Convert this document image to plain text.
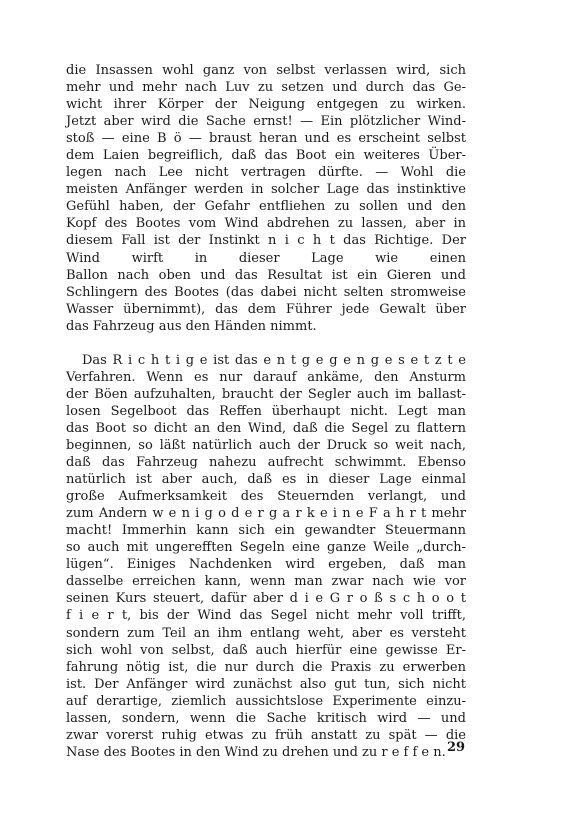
die Insassen wohl ganz von selbst verlassen wird, sich
mehr und mehr nach Luv zu setzen und durch das Ge-
wicht ihrer Körper der Neigung entgegen zu wirken.
Jetzt aber wird die Sache ernst! — Ein plötzlicher Wind-
stoß — eine B ö — braust heran und es erscheint selbst
dem Laien begreiflich, daß das Boot ein weiteres Über-
legen nach Lee nicht vertragen dürfte. — Wohl die
meisten Anfänger werden in solcher Lage das instinktive
Gefühl haben, der Gefahr entfliehen zu sollen und den
Kopf des Bootes vom Wind abdrehen zu lassen, aber in
diesem Fall ist der Instinkt n i c h t das Richtige. Der
Wind wirft in dieser Lage wie einen
Ballon nach oben und das Resultat ist ein Gieren und
Schlingern des Bootes (das dabei nicht selten stromweise
Wasser übernimmt), das dem Führer jede Gewalt über
das Fahrzeug aus den Händen nimmt.
Das R i c h t i g e ist das e n t g e g e n g e s e t z t e
Verfahren. Wenn es nur darauf ankäme, den Ansturm
der Böen aufzuhalten, braucht der Segler auch im ballast-
losen Segelboot das Reffen überhaupt nicht. Legt man
das Boot so dicht an den Wind, daß die Segel zu flattern
beginnen, so läßt natürlich auch der Druck so weit nach,
daß das Fahrzeug nahezu aufrecht schwimmt. Ebenso
natürlich ist aber auch, daß es in dieser Lage einmal
große Aufmerksamkeit des Steuernden verlangt, und
zum Andern w e n i g o d e r g a r k e i n e F a h r t mehr
macht! Immerhin kann sich ein gewandter Steuermann
so auch mit ungerefften Segeln eine ganze Weile „durch-
lügen“. Einiges Nachdenken wird ergeben, daß man
dasselbe erreichen kann, wenn man zwar nach wie vor
seinen Kurs steuert, dafür aber d i e G r o ß s c h o o t
f i e r t, bis der Wind das Segel nicht mehr voll trifft,
sondern zum Teil an ihm entlang weht, aber es versteht
sich wohl von selbst, daß auch hierfür eine gewisse Er-
fahrung nötig ist, die nur durch die Praxis zu erwerben
ist. Der Anfänger wird zunächst also gut tun, sich nicht
auf derartige, ziemlich aussichtslose Experimente einzu-
lassen, sondern, wenn die Sache kritisch wird — und
zwar vorerst ruhig etwas zu früh anstatt zu spät — die
Nase des Bootes in den Wind zu drehen und zu r e f f e n. 29
